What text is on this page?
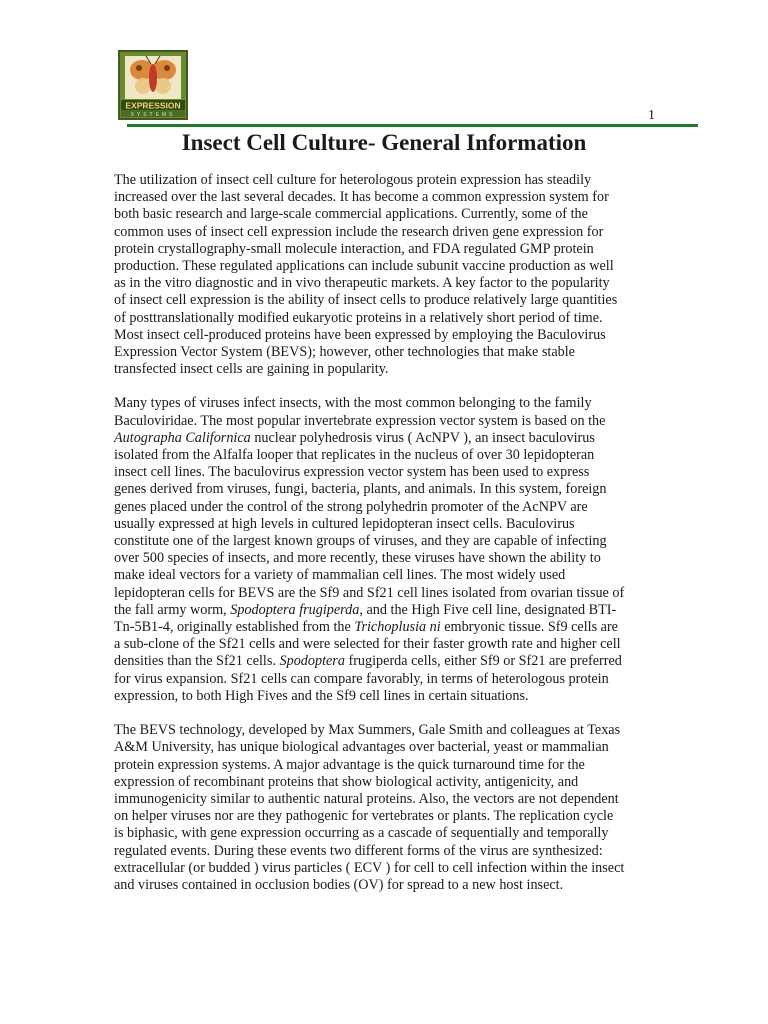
EXPRESSION
SYSTEMS	1
Insect Cell Culture- General Information

The utilization of insect cell culture for heterologous protein expression has steadily
increased over the last several decades. It has become a common expression system for
both basic research and large-scale commercial applications. Currently, some of the
common uses of insect cell expression include the research driven gene expression for
protein crystallography-small molecule interaction, and FDA regulated GMP protein
production. These regulated applications can include subunit vaccine production as well
as in the vitro diagnostic and in vivo therapeutic markets. A key factor to the popularity
of insect cell expression is the ability of insect cells to produce relatively large quantities
of posttranslationally modified eukaryotic proteins in a relatively short period of time.
Most insect cell-produced proteins have been expressed by employing the Baculovirus
Expression Vector System (BEVS); however, other technologies that make stable
transfected insect cells are gaining in popularity.

Many types of viruses infect insects, with the most common belonging to the family
Baculoviridae. The most popular invertebrate expression vector system is based on the
Autographa Californica nuclear polyhedrosis virus ( AcNPV ), an insect baculovirus
isolated from the Alfalfa looper that replicates in the nucleus of over 30 lepidopteran
insect cell lines. The baculovirus expression vector system has been used to express
genes derived from viruses, fungi, bacteria, plants, and animals. In this system, foreign
genes placed under the control of the strong polyhedrin promoter of the AcNPV are
usually expressed at high levels in cultured lepidopteran insect cells. Baculovirus
constitute one of the largest known groups of viruses, and they are capable of infecting
over 500 species of insects, and more recently, these viruses have shown the ability to
make ideal vectors for a variety of mammalian cell lines. The most widely used
lepidopteran cells for BEVS are the Sf9 and Sf21 cell lines isolated from ovarian tissue of
the fall army worm, Spodoptera frugiperda, and the High Five cell line, designated BTI-
Tn-5B1-4, originally established from the Trichoplusia ni embryonic tissue. Sf9 cells are
a sub-clone of the Sf21 cells and were selected for their faster growth rate and higher cell
densities than the Sf21 cells. Spodoptera frugiperda cells, either Sf9 or Sf21 are preferred
for virus expansion. Sf21 cells can compare favorably, in terms of heterologous protein
expression, to both High Fives and the Sf9 cell lines in certain situations.

The BEVS technology, developed by Max Summers, Gale Smith and colleagues at Texas
A&M University, has unique biological advantages over bacterial, yeast or mammalian
protein expression systems. A major advantage is the quick turnaround time for the
expression of recombinant proteins that show biological activity, antigenicity, and
immunogenicity similar to authentic natural proteins. Also, the vectors are not dependent
on helper viruses nor are they pathogenic for vertebrates or plants. The replication cycle
is biphasic, with gene expression occurring as a cascade of sequentially and temporally
regulated events. During these events two different forms of the virus are synthesized:
extracellular (or budded ) virus particles ( ECV ) for cell to cell infection within the insect
and viruses contained in occlusion bodies (OV) for spread to a new host insect.
